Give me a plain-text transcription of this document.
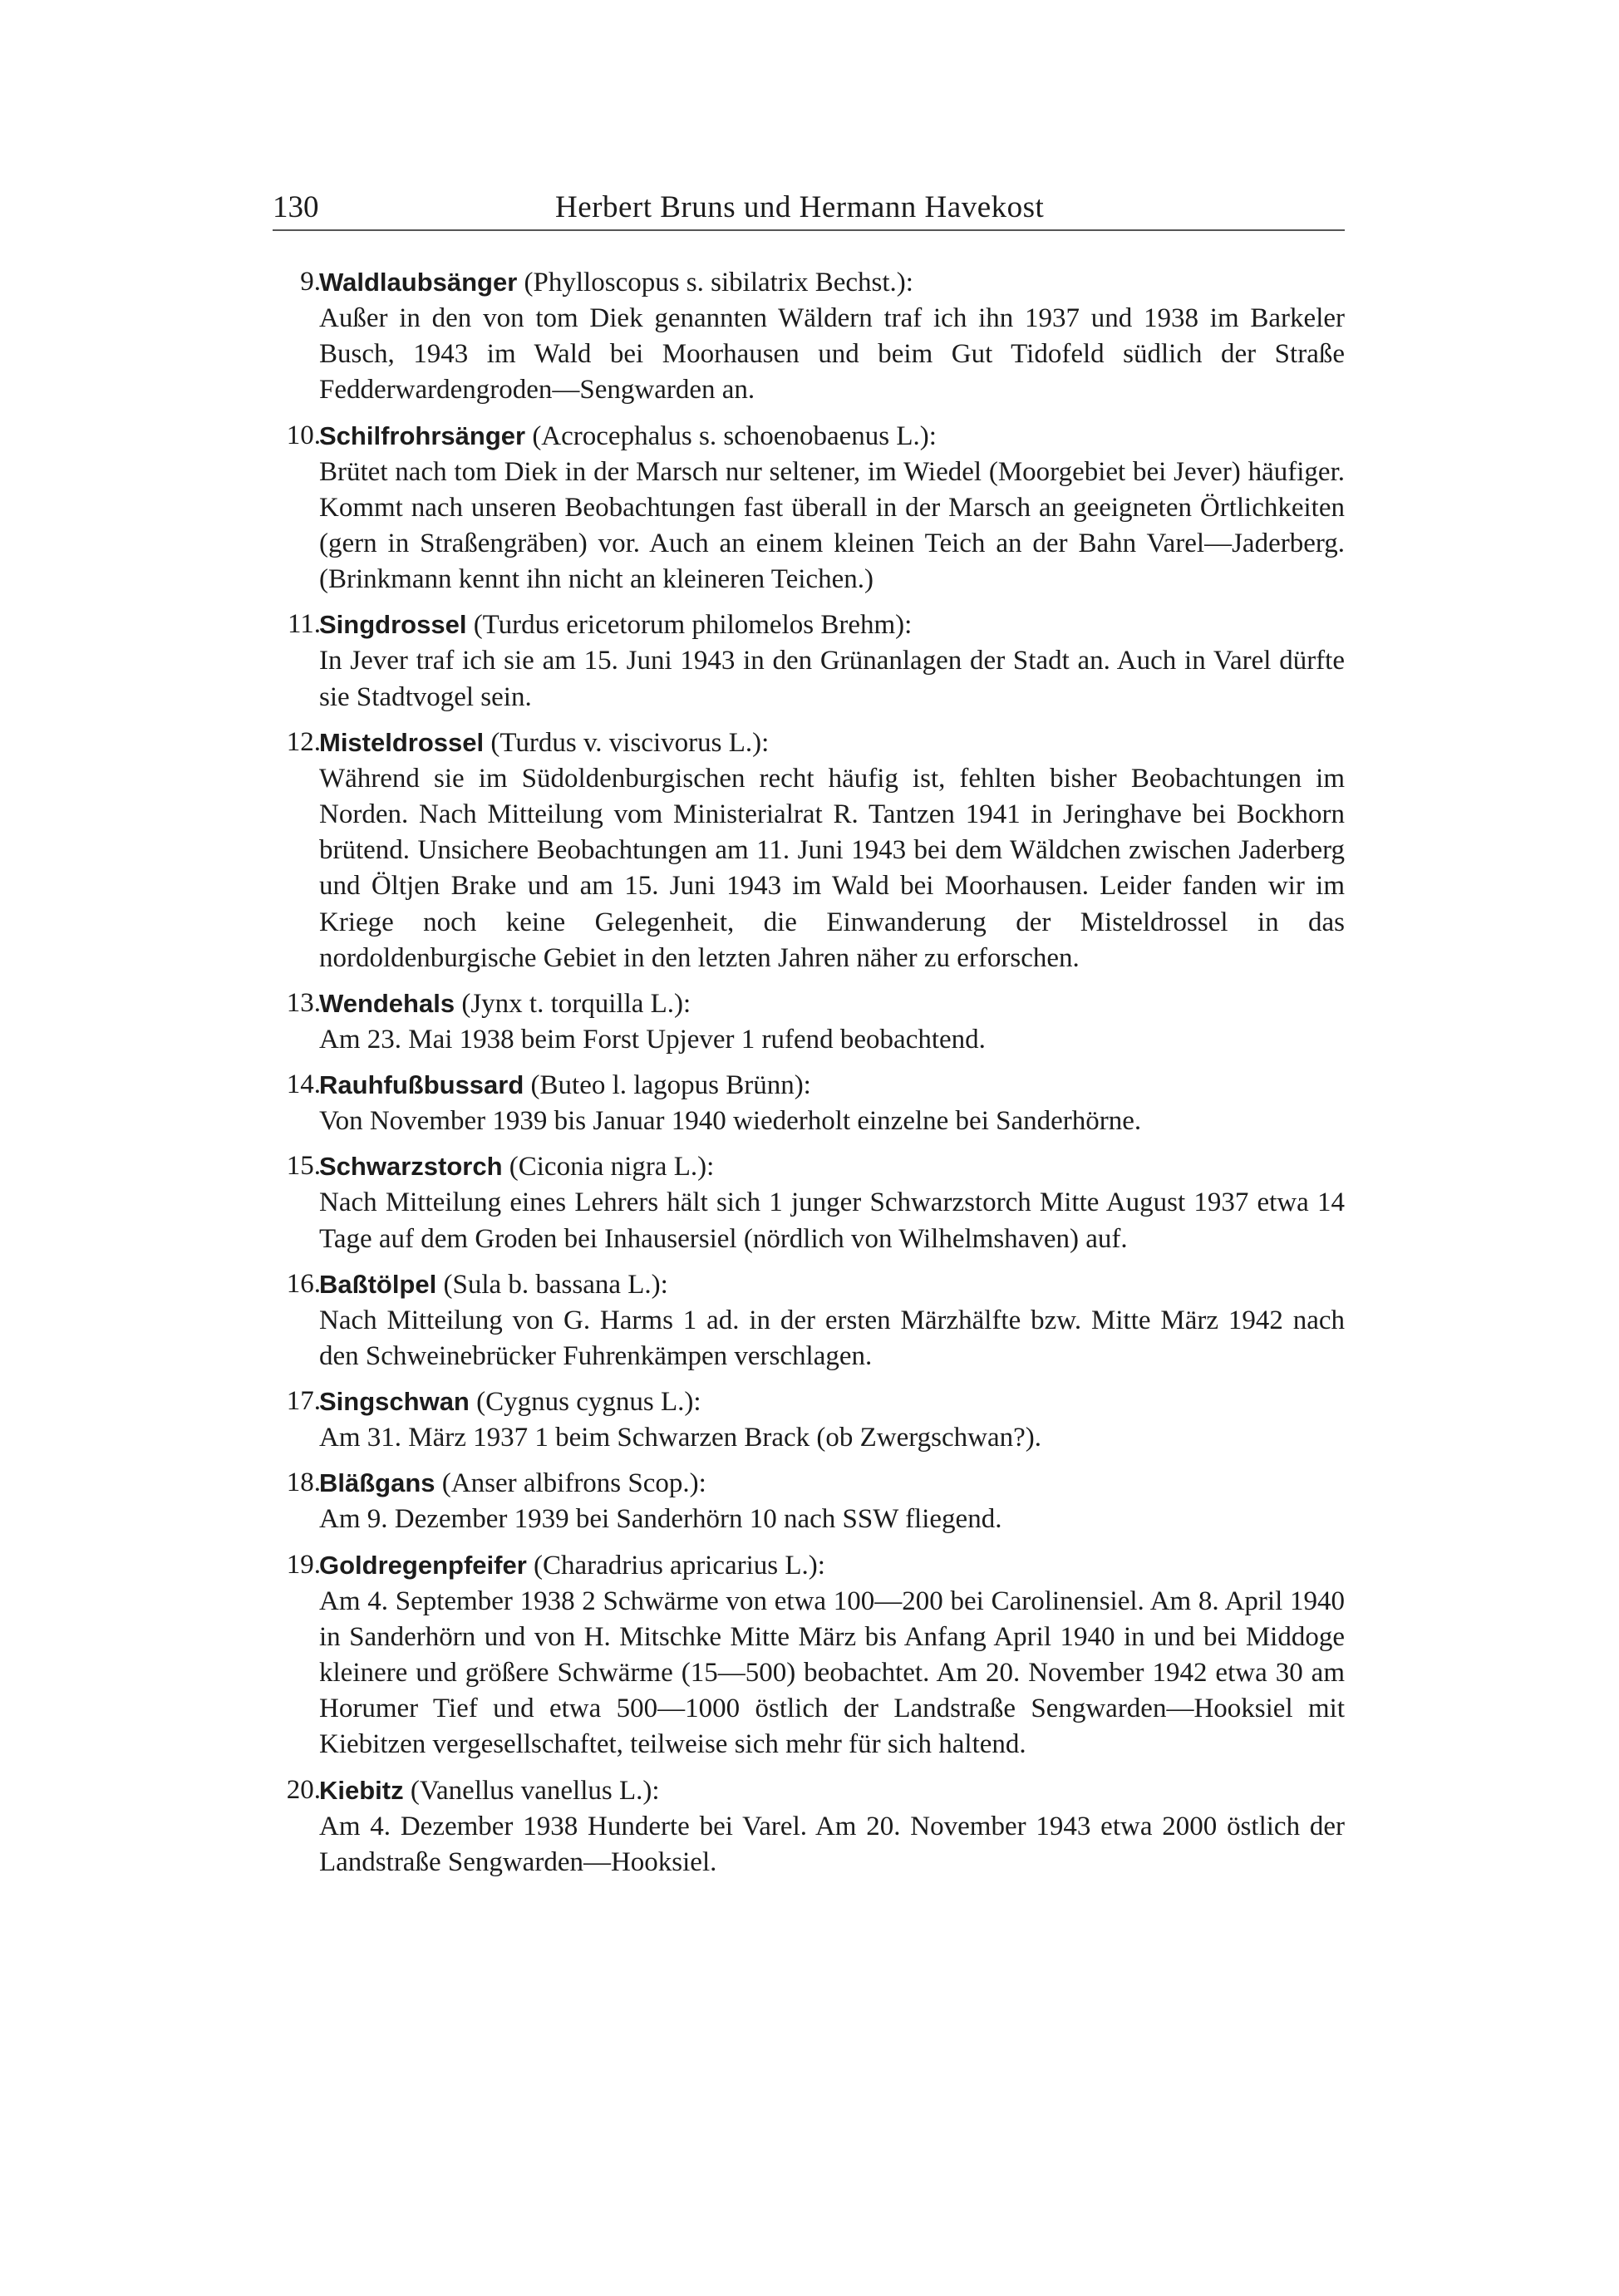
130	Herbert Bruns und Hermann Havekost
9.
Waldlaubsänger (Phylloscopus s. sibilatrix Bechst.):
Außer in den von tom Diek genannten Wäldern traf ich ihn 1937 und 1938 im Barkeler Busch, 1943 im Wald bei Moorhausen und beim Gut Tidofeld südlich der Straße Fedderwardengroden—Sengwarden an.
10.
Schilfrohrsänger (Acrocephalus s. schoenobaenus L.):
Brütet nach tom Diek in der Marsch nur seltener, im Wiedel (Moorgebiet bei Jever) häufiger. Kommt nach unseren Beobachtungen fast überall in der Marsch an geeigneten Örtlichkeiten (gern in Straßengräben) vor. Auch an einem kleinen Teich an der Bahn Varel—Jaderberg. (Brinkmann kennt ihn nicht an kleineren Teichen.)
11.
Singdrossel (Turdus ericetorum philomelos Brehm):
In Jever traf ich sie am 15. Juni 1943 in den Grünanlagen der Stadt an. Auch in Varel dürfte sie Stadtvogel sein.
12.
Misteldrossel (Turdus v. viscivorus L.):
Während sie im Südoldenburgischen recht häufig ist, fehlten bisher Beobachtungen im Norden. Nach Mitteilung vom Ministerialrat R. Tantzen 1941 in Jeringhave bei Bockhorn brütend. Unsichere Beobachtungen am 11. Juni 1943 bei dem Wäldchen zwischen Jaderberg und Öltjen Brake und am 15. Juni 1943 im Wald bei Moorhausen. Leider fanden wir im Kriege noch keine Gelegenheit, die Einwanderung der Misteldrossel in das nordoldenburgische Gebiet in den letzten Jahren näher zu erforschen.
13.
Wendehals (Jynx t. torquilla L.):
Am 23. Mai 1938 beim Forst Upjever 1 rufend beobachtend.
14.
Rauhfußbussard (Buteo l. lagopus Brünn):
Von November 1939 bis Januar 1940 wiederholt einzelne bei Sanderhörne.
15.
Schwarzstorch (Ciconia nigra L.):
Nach Mitteilung eines Lehrers hält sich 1 junger Schwarzstorch Mitte August 1937 etwa 14 Tage auf dem Groden bei Inhausersiel (nördlich von Wilhelmshaven) auf.
16.
Baßtölpel (Sula b. bassana L.):
Nach Mitteilung von G. Harms 1 ad. in der ersten Märzhälfte bzw. Mitte März 1942 nach den Schweinebrücker Fuhrenkämpen verschlagen.
17.
Singschwan (Cygnus cygnus L.):
Am 31. März 1937 1 beim Schwarzen Brack (ob Zwergschwan?).
18.
Bläßgans (Anser albifrons Scop.):
Am 9. Dezember 1939 bei Sanderhörn 10 nach SSW fliegend.
19.
Goldregenpfeifer (Charadrius apricarius L.):
Am 4. September 1938 2 Schwärme von etwa 100—200 bei Carolinensiel. Am 8. April 1940 in Sanderhörn und von H. Mitschke Mitte März bis Anfang April 1940 in und bei Middoge kleinere und größere Schwärme (15—500) beobachtet. Am 20. November 1942 etwa 30 am Horumer Tief und etwa 500—1000 östlich der Landstraße Sengwarden—Hooksiel mit Kiebitzen vergesellschaftet, teilweise sich mehr für sich haltend.
20.
Kiebitz (Vanellus vanellus L.):
Am 4. Dezember 1938 Hunderte bei Varel. Am 20. November 1943 etwa 2000 östlich der Landstraße Sengwarden—Hooksiel.
